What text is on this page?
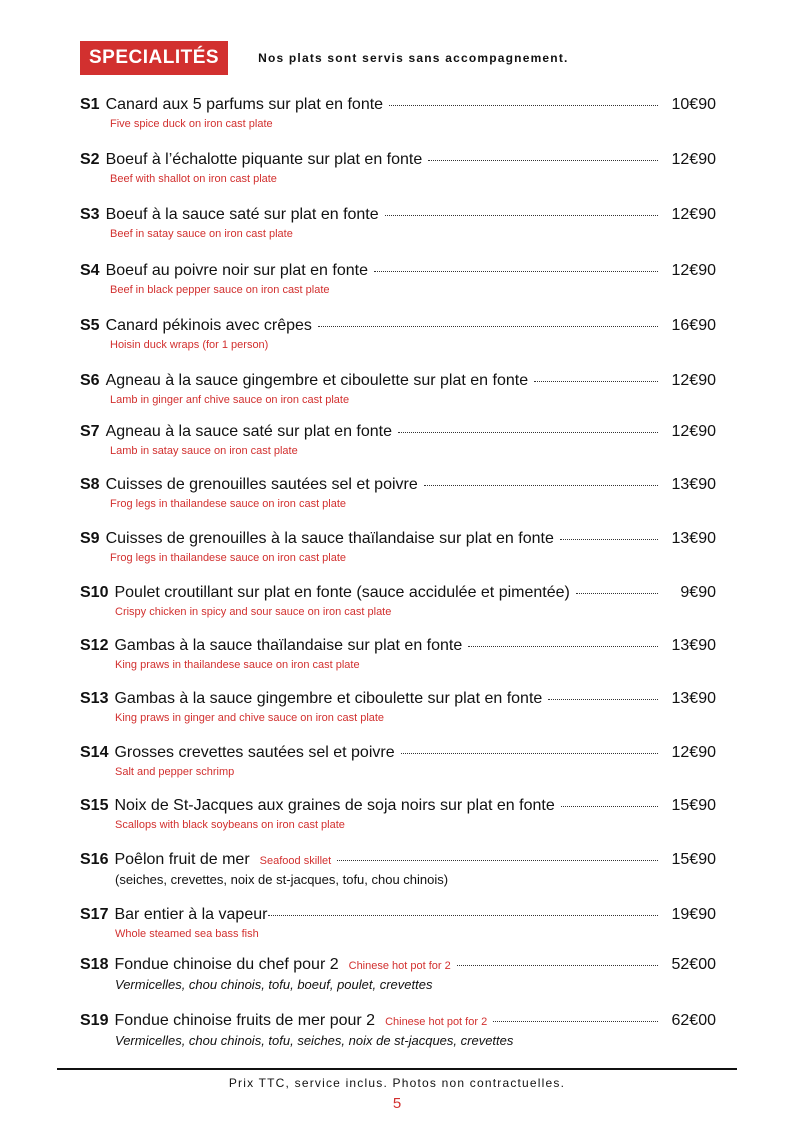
SPECIALITÉS	Nos plats sont servis sans accompagnement.
S1 Canard aux 5 parfums sur plat en fonte	10€90
Five spice duck on iron cast plate
S2 Boeuf à l’échalotte piquante sur plat en fonte	12€90
Beef with shallot on iron cast plate
S3 Boeuf à la sauce saté sur plat en fonte	12€90
Beef in satay sauce on iron cast plate
S4 Boeuf au poivre noir sur plat en fonte	12€90
Beef in black pepper sauce on iron cast plate
S5 Canard pékinois avec crêpes	16€90
Hoisin duck wraps (for 1 person)
S6 Agneau à la sauce gingembre et ciboulette sur plat en fonte	12€90
Lamb in ginger anf chive sauce on iron cast plate
S7 Agneau à la sauce saté sur plat en fonte	12€90
Lamb in satay sauce on iron cast plate
S8 Cuisses de grenouilles sautées sel et poivre	13€90
Frog legs in thailandese sauce on iron cast plate
S9 Cuisses de grenouilles à la sauce thaïlandaise sur plat en fonte	13€90
Frog legs in thailandese sauce on iron cast plate
S10 Poulet croutillant sur plat en fonte (sauce accidulée et pimentée)	9€90
Crispy chicken in spicy and sour sauce on iron cast plate
S12 Gambas à la sauce thaïlandaise sur plat en fonte	13€90
King praws in thailandese sauce on iron cast plate
S13 Gambas à la sauce gingembre et ciboulette sur plat en fonte	13€90
King praws in ginger and chive sauce on iron cast plate
S14 Grosses crevettes sautées sel et poivre	12€90
Salt and pepper schrimp
S15 Noix de St-Jacques aux graines de soja noirs sur plat en fonte	15€90
Scallops with black soybeans on iron cast plate
S16 Poêlon fruit de mer Seafood skillet	15€90
(seiches, crevettes, noix de st-jacques, tofu, chou chinois)
S17 Bar entier à la vapeur	19€90
Whole steamed sea bass fish
S18 Fondue chinoise du chef pour 2 Chinese hot pot for 2	52€00
Vermicelles, chou chinois, tofu, boeuf, poulet, crevettes
S19 Fondue chinoise fruits de mer pour 2 Chinese hot pot for 2	62€00
Vermicelles, chou chinois, tofu, seiches, noix de st-jacques, crevettes
Prix TTC, service inclus. Photos non contractuelles.
5
